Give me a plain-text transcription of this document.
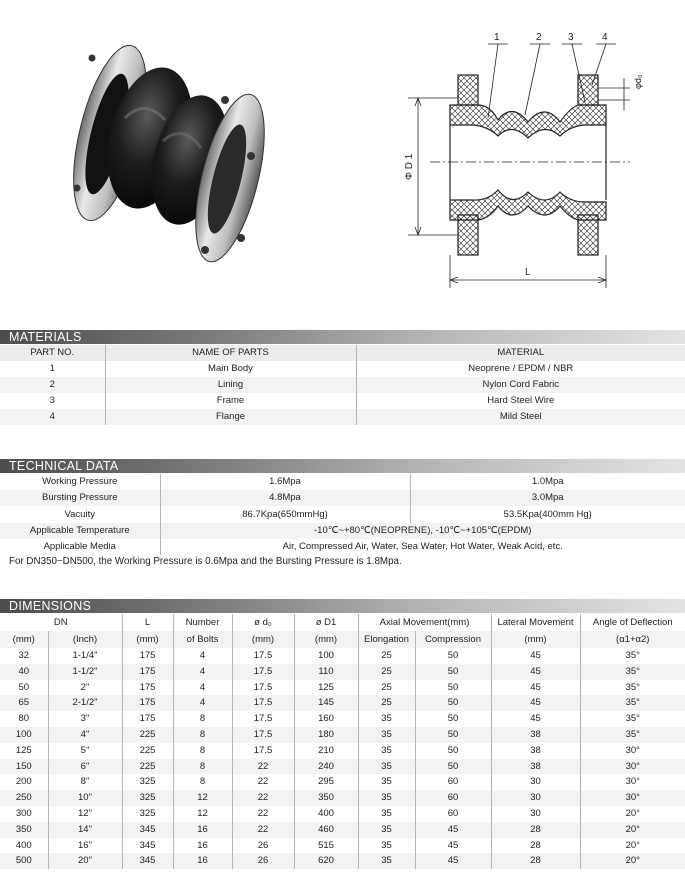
1	2	3	4
φd₀
Φ D 1
L
MATERIALS
PART NO.	NAME OF PARTS	MATERIAL
1	Main Body	Neoprene / EPDM / NBR
2	Lining	Nylon Cord Fabric
3	Frame	Hard Steel Wire
4	Flange	Mild Steel
TECHNICAL DATA
Working Pressure	1.6Mpa	1.0Mpa
Bursting Pressure	4.8Mpa	3.0Mpa
Vacuity	86.7Kpa(650mmHg)	53.5Kpa(400mm Hg)
Applicable Temperature	-10℃~+80℃(NEOPRENE), -10℃~+105℃(EPDM)	
Applicable Media	Air, Compressed Air, Water, Sea Water, Hot Water, Weak Acid, etc.	
For DN350~DN500, the Working Pressure is 0.6Mpa and the Bursting Pressure is 1.8Mpa.
DIMENSIONS
DN		L	Number	ø d₀	ø D1	Axial Movement(mm)		Lateral Movement	Angle of Deflection
(mm)	(Inch)	(mm)	of Bolts	(mm)	(mm)	Elongation	Compression	(mm)	(α1+α2)
32	1-1/4"	175	4	17.5	100	25	50	45	35°
40	1-1/2"	175	4	17.5	110	25	50	45	35°
50	2"	175	4	17.5	125	25	50	45	35°
65	2-1/2"	175	4	17.5	145	25	50	45	35°
80	3"	175	8	17.5	160	35	50	45	35°
100	4"	225	8	17.5	180	35	50	38	35°
125	5"	225	8	17.5	210	35	50	38	30°
150	6"	225	8	22	240	35	50	38	30°
200	8"	325	8	22	295	35	60	30	30°
250	10"	325	12	22	350	35	60	30	30°
300	12"	325	12	22	400	35	60	30	20°
350	14"	345	16	22	460	35	45	28	20°
400	16"	345	16	26	515	35	45	28	20°
500	20"	345	16	26	620	35	45	28	20°
